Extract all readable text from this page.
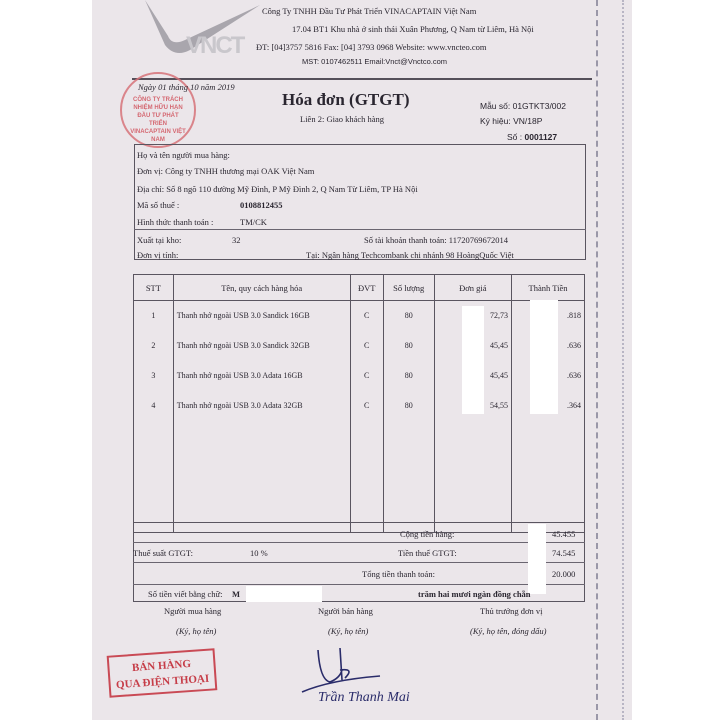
VNCT
Công Ty TNHH Đầu Tư Phát Triển VINACAPTAIN Việt Nam
17.04 BT1 Khu nhà ở sinh thái Xuân Phương, Q Nam từ Liêm, Hà Nội
ĐT: [04]3757 5816 Fax: [04] 3793 0968 Website: www.vncteo.com
MST: 0107462511 Email:Vnct@Vnctco.com
CÔNG TY TRÁCH NHIỆM HỮU HẠN ĐẦU TƯ PHÁT TRIỂN VINACAPTAIN VIỆT NAM
Ngày 01 tháng 10 năm 2019
Hóa đơn (GTGT)
Liên 2: Giao khách hàng
Mẫu số: 01GTKT3/002
Ký hiệu: VN/18P
Số : 0001127
Họ và tên người mua hàng:
Đơn vị: Công ty TNHH thương mại OAK Việt Nam
Địa chỉ: Số 8 ngõ 110 đường Mỹ Đình, P Mỹ Đình 2, Q Nam Từ Liêm, TP Hà Nội
Mã số thuế :	0108812455
Hình thức thanh toán :	TM/CK
Xuất tại kho:	32	Số tài khoản thanh toán: 11720769672014
Đơn vị tính:	Tại: Ngân hàng Techcombank chi nhánh 98 HoàngQuốc Việt
STT	Tên, quy cách hàng hóa	ĐVT	Số lượng	Đơn giá	Thành Tiền
1	Thanh nhớ ngoài USB 3.0 Sandick 16GB	C	80	72,73	.818
2	Thanh nhớ ngoài USB 3.0 Sandick 32GB	C	80	45,45	.636
3	Thanh nhớ ngoài USB 3.0 Adata 16GB	C	80	45,45	.636
4	Thanh nhớ ngoài USB 3.0 Adata 32GB	C	80	54,55	.364

Cộng tiền hàng:	45.455
Thuế suất GTGT:	10 %	Tiền thuế GTGT:	74.545
Tổng tiền thanh toán:	20.000
Số tiền viết bằng chữ: M	trăm hai mươi ngàn đồng chẵn
Người mua hàng
(Ký, họ tên)
Người bán hàng
(Ký, họ tên)
Thủ trưởng đơn vị
(Ký, họ tên, đóng dấu)
BÁN HÀNG
QUA ĐIỆN THOẠI
Trần Thanh Mai
